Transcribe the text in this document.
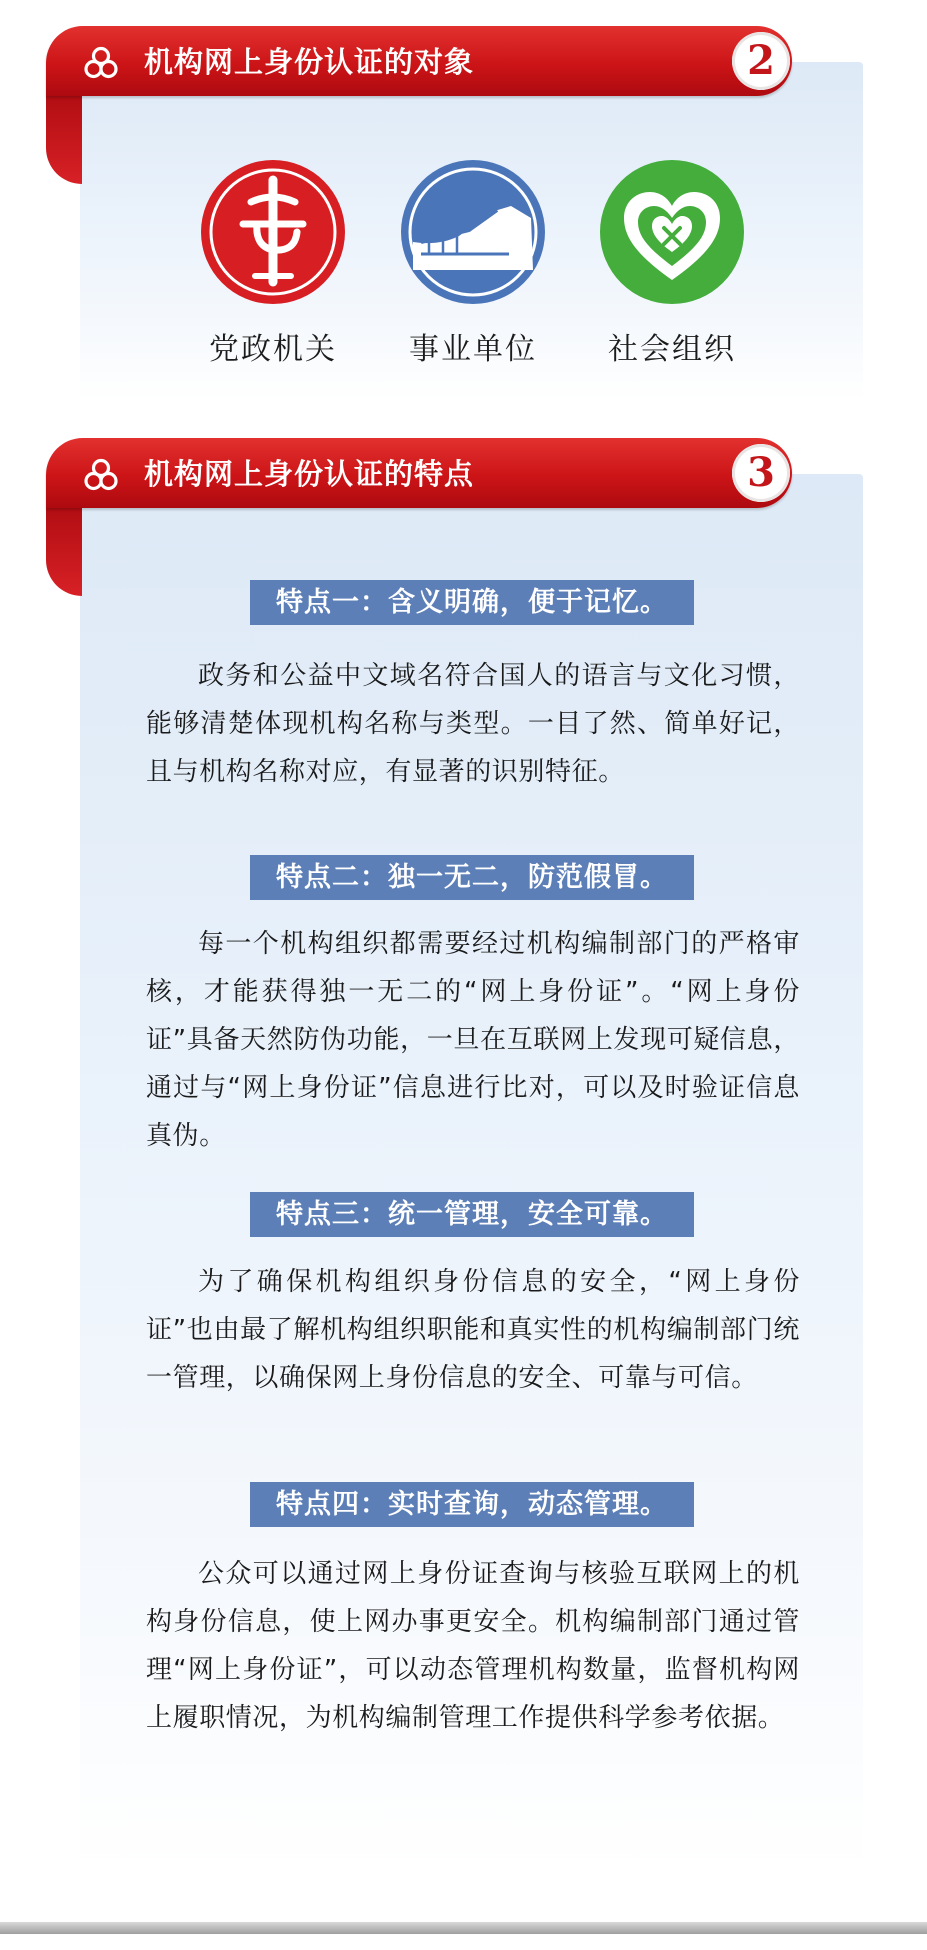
机构网上身份认证的对象	2
党政机关	事业单位	社会组织
机构网上身份认证的特点	3
特点一：含义明确，便于记忆。

政务和公益中文域名符合国人的语言与文化习惯，能够清楚体现机构名称与类型。一目了然、简单好记，且与机构名称对应，有显著的识别特征。

特点二：独一无二，防范假冒。

每一个机构组织都需要经过机构编制部门的严格审核，才能获得独一无二的“网上身份证”。“网上身份证”具备天然防伪功能，一旦在互联网上发现可疑信息，通过与“网上身份证”信息进行比对，可以及时验证信息真伪。

特点三：统一管理，安全可靠。

为了确保机构组织身份信息的安全，“网上身份证”也由最了解机构组织职能和真实性的机构编制部门统一管理，以确保网上身份信息的安全、可靠与可信。

特点四：实时查询，动态管理。

公众可以通过网上身份证查询与核验互联网上的机构身份信息，使上网办事更安全。机构编制部门通过管理“网上身份证”，可以动态管理机构数量，监督机构网上履职情况，为机构编制管理工作提供科学参考依据。
